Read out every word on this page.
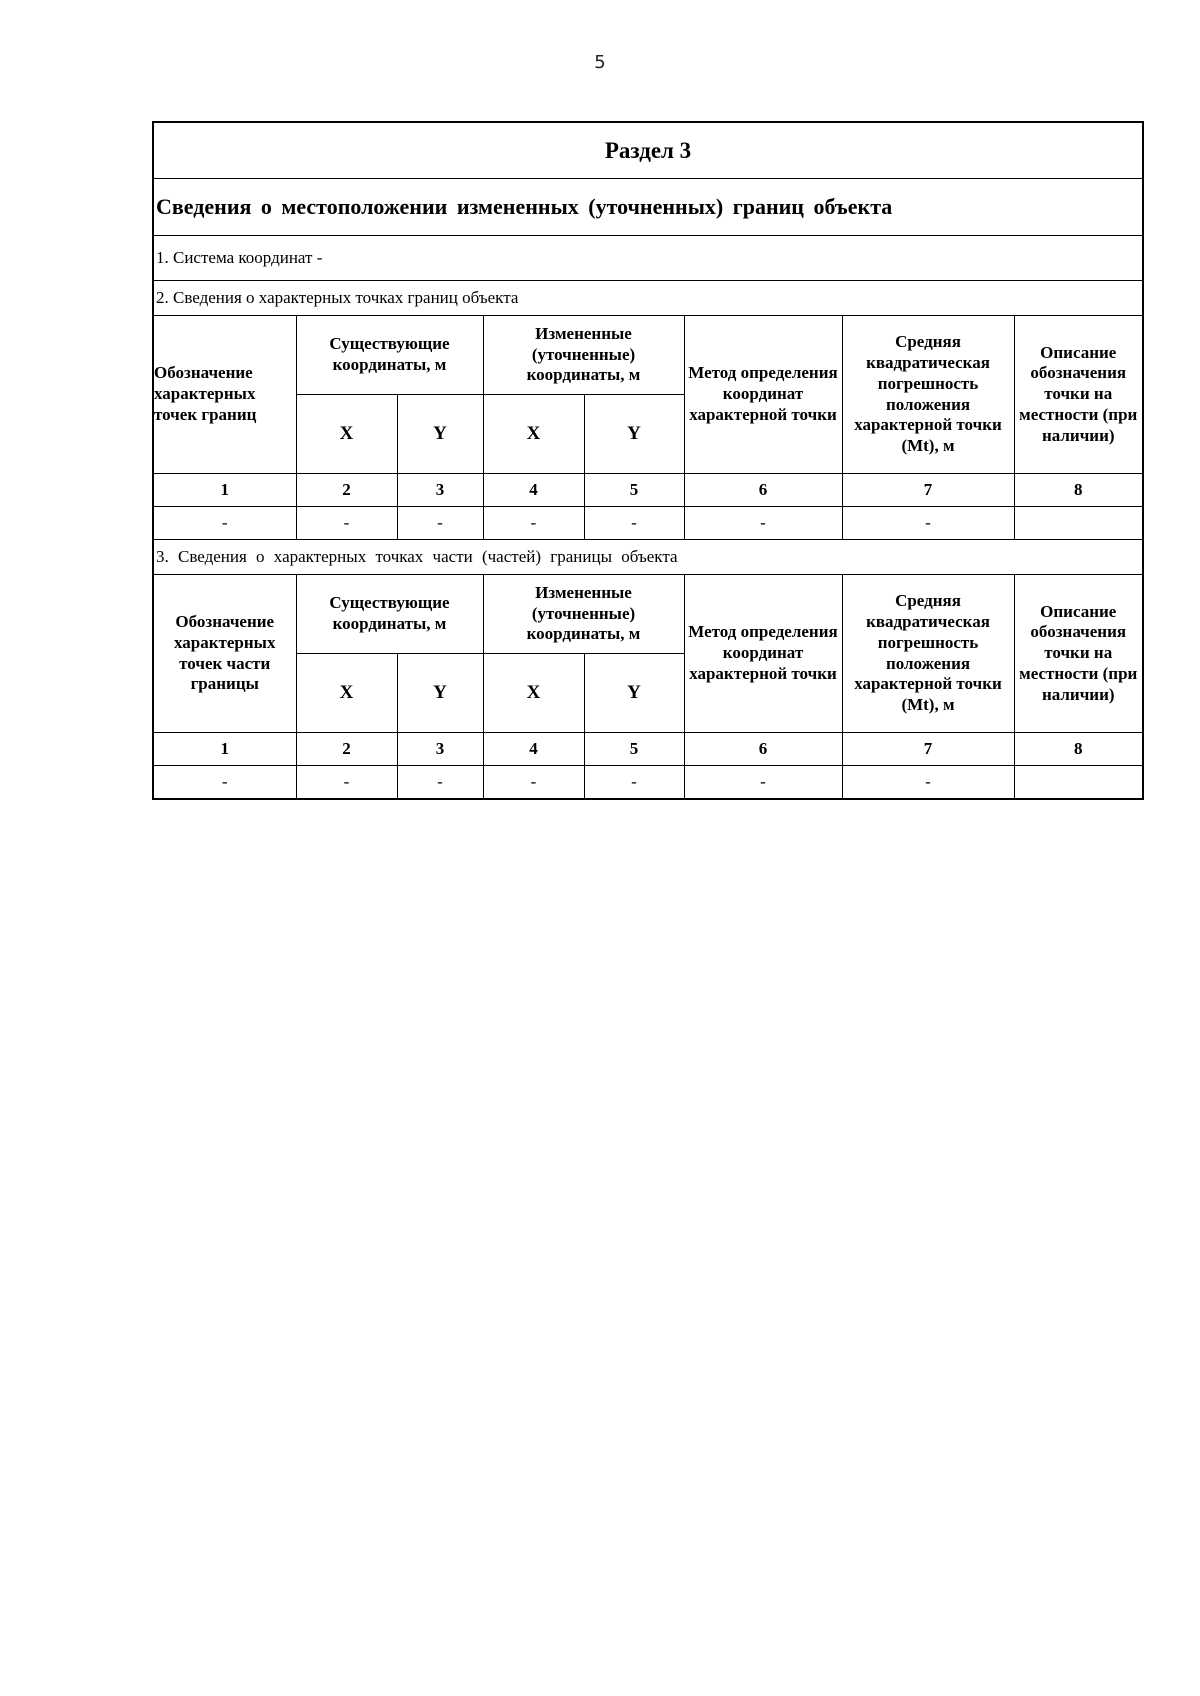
5
Раздел 3							
Сведения о местоположении измененных (уточненных) границ объекта							
1. Система координат -							
2. Сведения о характерных точках границ объекта							
Обозначение характерных точек границ	Существующие координаты, м		Измененные (уточненные) координаты, м		Метод определения координат характерной точки	Средняя квадратическая погрешность положения характерной точки (Mt), м	Описание обозначения точки на местности (при наличии)
	X	Y	X	Y			
1	2	3	4	5	6	7	8
-	-	-	-	-	-	-	
3. Сведения о характерных точках части (частей) границы объекта							
Обозначение характерных точек части границы	Существующие координаты, м		Измененные (уточненные) координаты, м		Метод определения координат характерной точки	Средняя квадратическая погрешность положения характерной точки (Mt), м	Описание обозначения точки на местности (при наличии)
	X	Y	X	Y			
1	2	3	4	5	6	7	8
-	-	-	-	-	-	-	
